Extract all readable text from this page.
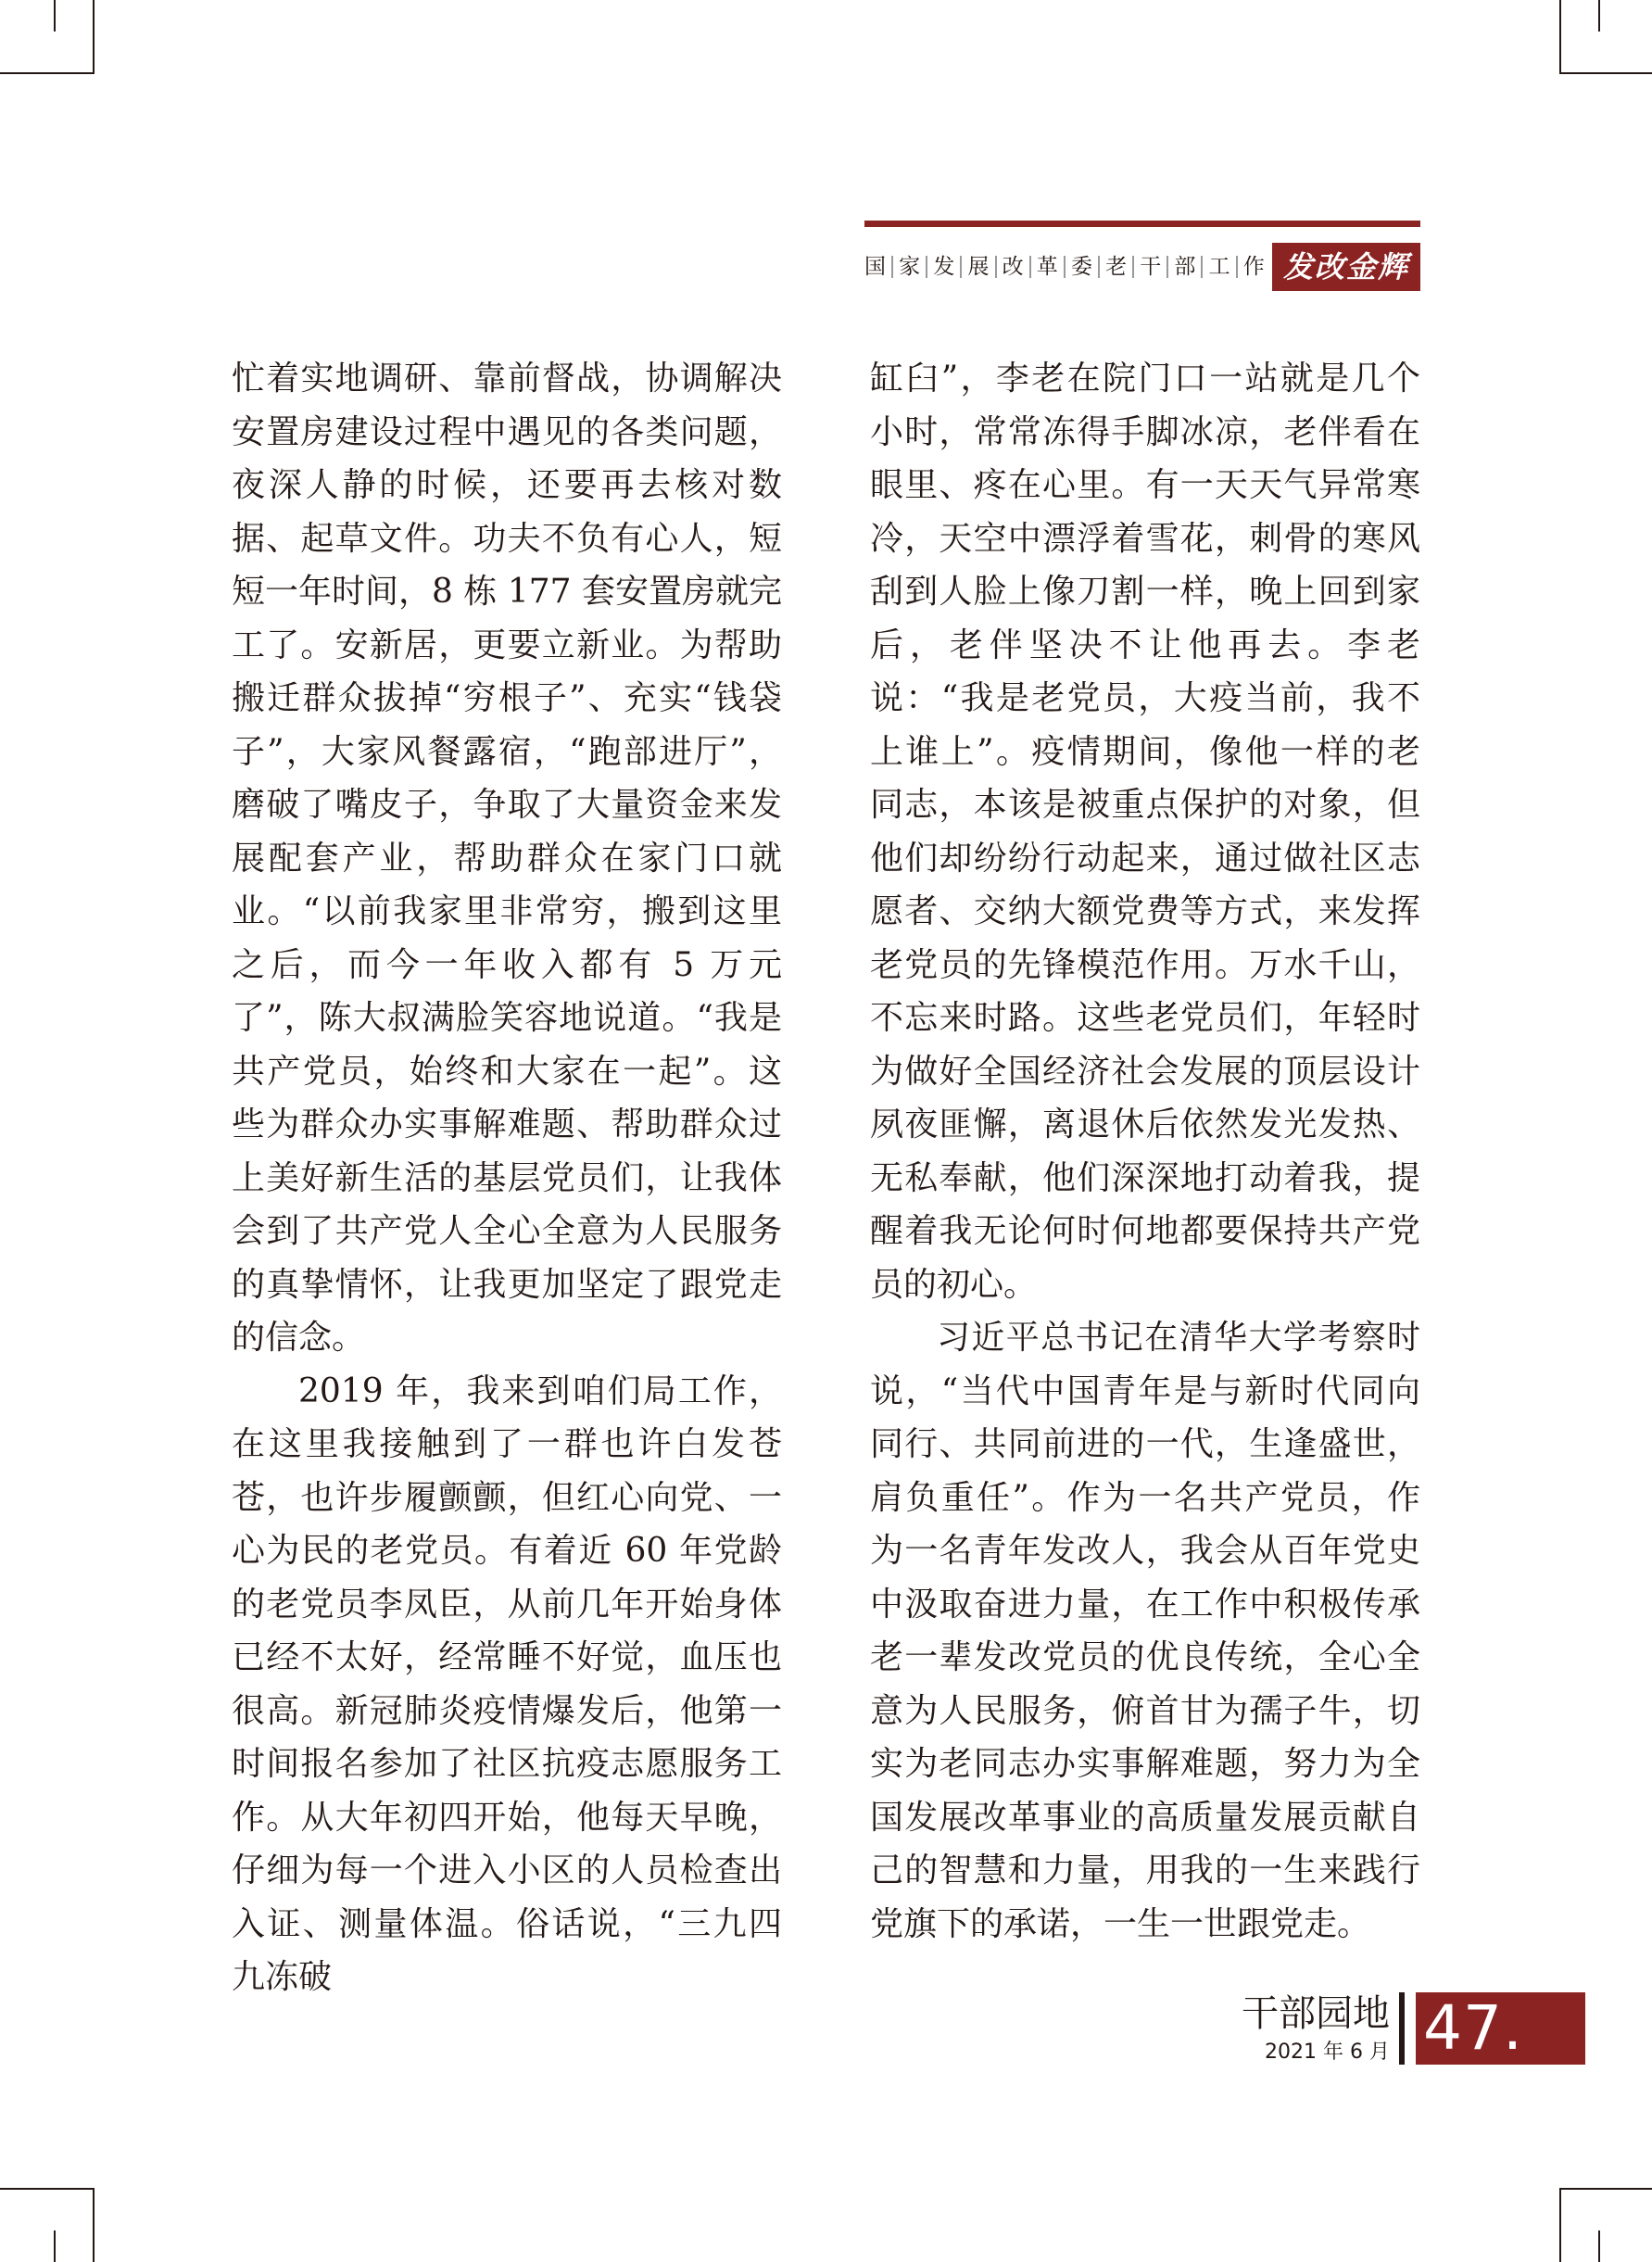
国 家 发 展 改 革 委 老 干 部 工 作 发改金辉

忙着实地调研、靠前督战，协调解决安置房建设过程中遇见的各类问题，夜深人静的时候，还要再去核对数据、起草文件。功夫不负有心人，短短一年时间，8 栋 177 套安置房就完工了。安新居，更要立新业。为帮助搬迁群众拔掉“穷根子”、充实“钱袋子”，大家风餐露宿，“跑部进厅”，磨破了嘴皮子，争取了大量资金来发展配套产业，帮助群众在家门口就业。“以前我家里非常穷，搬到这里之后，而今一年收入都有 5 万元了”，陈大叔满脸笑容地说道。“我是共产党员，始终和大家在一起”。这些为群众办实事解难题、帮助群众过上美好新生活的基层党员们，让我体会到了共产党人全心全意为人民服务的真挚情怀，让我更加坚定了跟党走的信念。

2019 年，我来到咱们局工作，在这里我接触到了一群也许白发苍苍，也许步履颤颤，但红心向党、一心为民的老党员。有着近 60 年党龄的老党员李凤臣，从前几年开始身体已经不太好，经常睡不好觉，血压也很高。新冠肺炎疫情爆发后，他第一时间报名参加了社区抗疫志愿服务工作。从大年初四开始，他每天早晚，仔细为每一个进入小区的人员检查出入证、测量体温。俗话说，“三九四九冻破

缸臼”，李老在院门口一站就是几个小时，常常冻得手脚冰凉，老伴看在眼里、疼在心里。有一天天气异常寒冷，天空中漂浮着雪花，刺骨的寒风刮到人脸上像刀割一样，晚上回到家后，老伴坚决不让他再去。李老说：“我是老党员，大疫当前，我不上谁上”。疫情期间，像他一样的老同志，本该是被重点保护的对象，但他们却纷纷行动起来，通过做社区志愿者、交纳大额党费等方式，来发挥老党员的先锋模范作用。万水千山，不忘来时路。这些老党员们，年轻时为做好全国经济社会发展的顶层设计夙夜匪懈，离退休后依然发光发热、无私奉献，他们深深地打动着我，提醒着我无论何时何地都要保持共产党员的初心。

习近平总书记在清华大学考察时说，“当代中国青年是与新时代同向同行、共同前进的一代，生逢盛世，肩负重任”。作为一名共产党员，作为一名青年发改人，我会从百年党史中汲取奋进力量，在工作中积极传承老一辈发改党员的优良传统，全心全意为人民服务，俯首甘为孺子牛，切实为老同志办实事解难题，努力为全国发展改革事业的高质量发展贡献自己的智慧和力量，用我的一生来践行党旗下的承诺，一生一世跟党走。

干部园地
2021 年 6 月 47.
